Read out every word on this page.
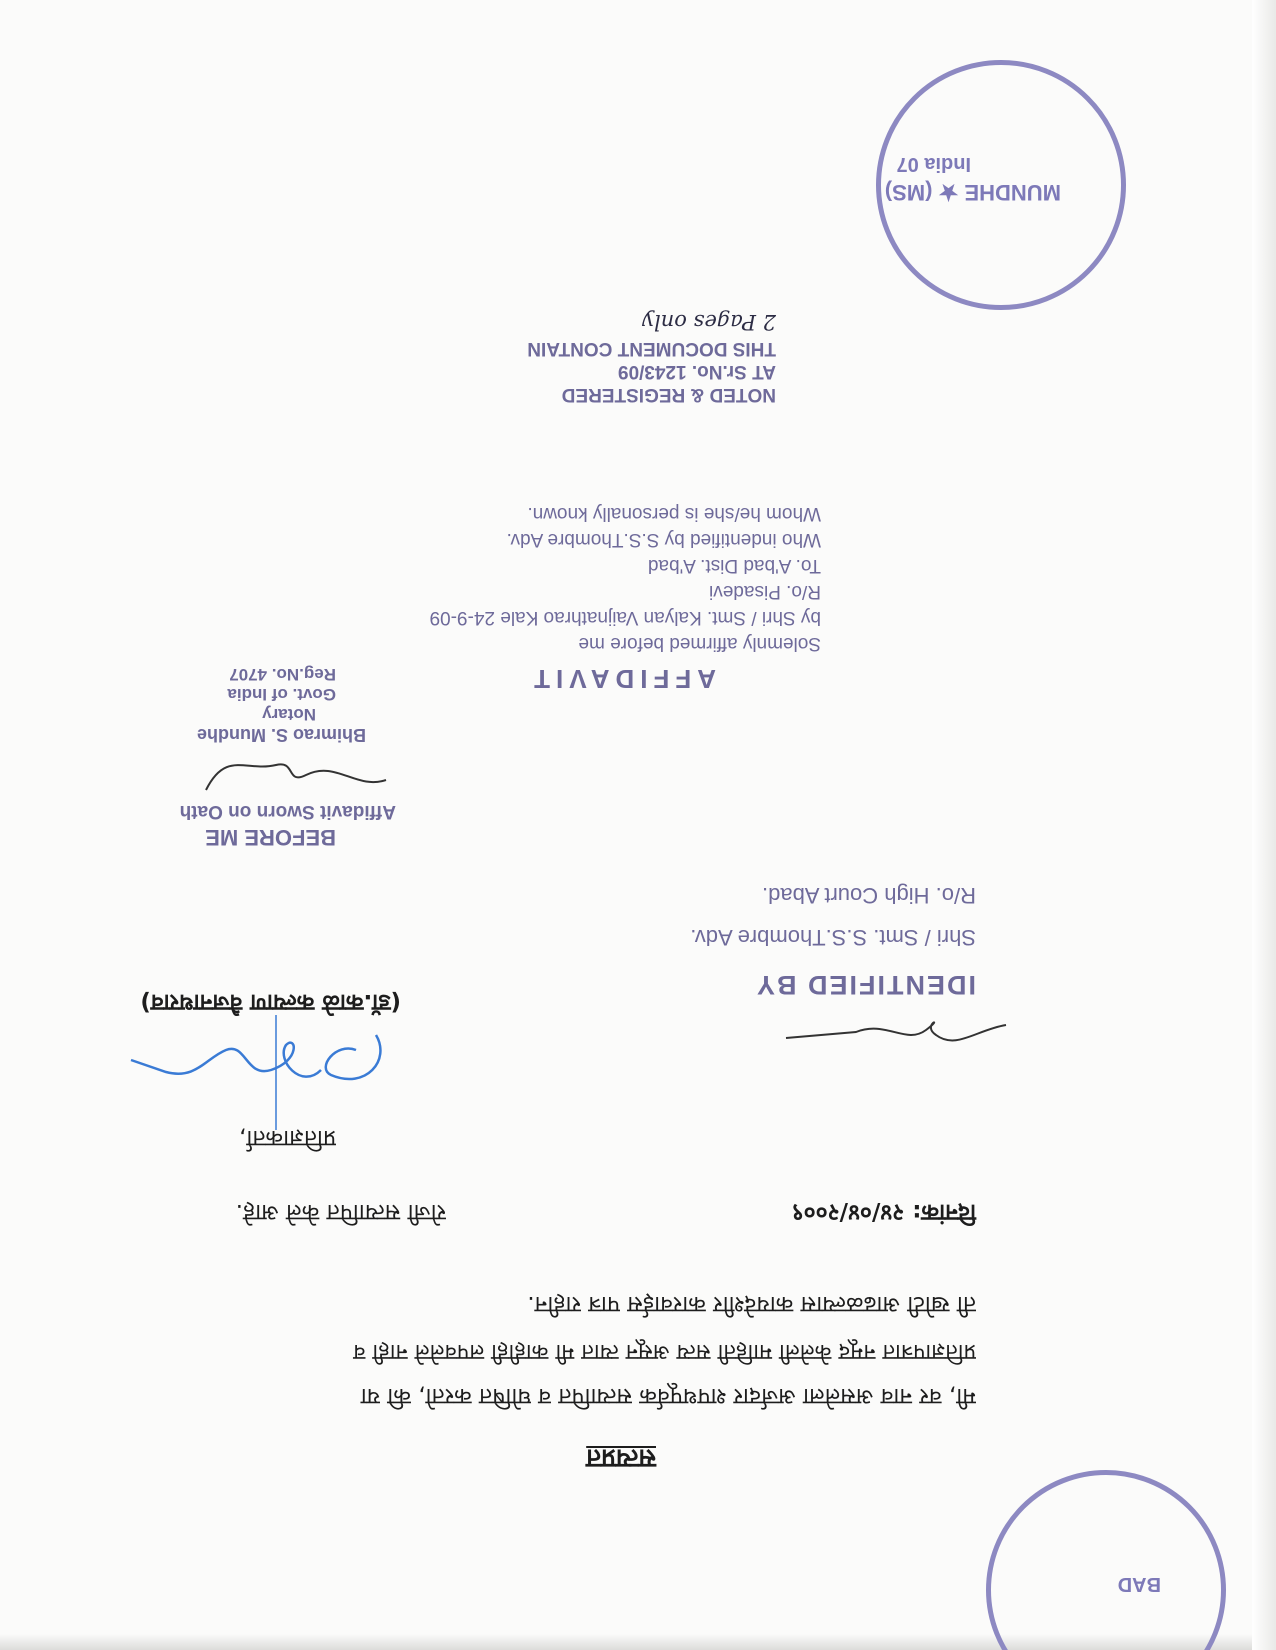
सत्यप्रत
मी, वर नाव असलेला अर्जदार शपथपूर्वक सत्यापित व घोषित करतो, की या
प्रतिज्ञापत्रात नमूद केलेली माहिती सत्य असून त्यात मी काहीही लपवलेले नाही व
ती खोटी आढळल्यास कायदेशीर कारवाईस पात्र राहीन.
दिनांक: २४/०४/२००९
रोजी सत्यापित केले आहे.
प्रतिज्ञाकर्ता,
(डॉ.काळे कल्याण वैजनाथराव)
IDENTIFIED BY
Shri / Smt. S.S.Thombre Adv.
R/o. High Court Abad.
BEFORE ME
Affidavit Sworn on Oath
Bhimrao S. Mundhe
Notary
Govt. of India
Reg.No. 4707	AFFIDAVIT
Solemnly affirmed before me
by Shri / Smt. Kalyan Vaijnathrao Kale 24-9-09
R/o. Pisadevi
To. A'bad Dist. A'bad
Who indentified by S.S.Thombre Adv.
Whom he/she is personally known.
NOTED & REGISTERED
AT Sr.No. 1243/09
THIS DOCUMENT CONTAIN
2 Pages only
MUNDHE ★ (MS)
India 07
BAD
